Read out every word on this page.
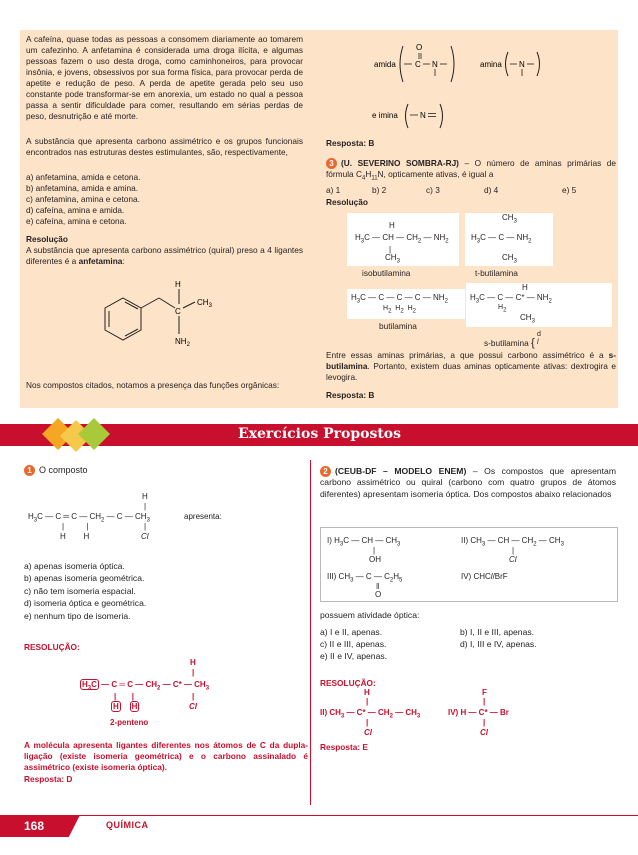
A cafeína, quase todas as pessoas a consomem diariamente ao tomarem um cafezinho. A anfetamina é considerada uma droga ilícita, e algumas pessoas fazem o uso desta droga, como caminhoneiros, para provocar insônia, e jovens, obsessivos por sua forma física, para provocar perda de apetite e redução de peso. A perda de apetite gerada pelo seu uso constante pode transformar-se em anorexia, um estado no qual a pessoa passa a sentir dificuldade para comer, resultando em sérias perdas de peso, desnutrição e até morte.
A substância que apresenta carbono assimétrico e os grupos funcionais encontrados nas estruturas destes estimulantes, são, respectivamente,
a) anfetamina, amida e cetona.
b) anfetamina, amida e amina.
c) anfetamina, amina e cetona.
d) cafeína, amina e amida.
e) cafeína, amina e cetona.
Resolução
A substância que apresenta carbono assimétrico (quiral) preso a 4 ligantes diferentes é a anfetamina:
H
C
$CH_3$
$NH_2$
Nos compostos citados, notamos a presença das funções orgânicas:
amida
O
C N	amina N
e imina	N
Resposta: B
3 (U. SEVERINO SOMBRA-RJ) – O número de aminas primárias de fórmula $C_4H_{11}N$, opticamente ativas, é igual a
a) 1	b) 2	c) 3	d) 4	e) 5
Resolução
H
$H_3C$ — CH — $CH_2$ — $NH_2$
|
$CH_3$
isobutilamina
$CH_3$
$H_3C$ — C — $NH_2$
$CH_3$
t-butilamina
$H_3C$ — C — C — C — $NH_2$
$H_2$  $H_2$  $H_2$
butilamina
H
$H_3C$ — C — C* — $NH_2$
$H_2$
$CH_3$
s-butilamina {
d
l
Entre essas aminas primárias, a que possui carbono assimétrico é a s-butilamina. Portanto, existem duas aminas opticamente ativas: dextrogira e levogira.
Resposta: B
Exercícios Propostos
1 O composto
H
|
$H_3C$ — C ═ C — $CH_2$ — C — $CH_3$	apresenta:
|          |	|
H        H	Cl
a) apenas isomeria óptica.
b) apenas isomeria geométrica.
c) não tem isomeria espacial.
d) isomeria óptica e geométrica.
e) nenhum tipo de isomeria.
RESOLUÇÃO:
H
|
$H_3C$ — C ═ C — $CH_2$ — C* — $CH_3$
|       |	|
H H	Cl
2-penteno
A molécula apresenta ligantes diferentes nos átomos de C da dupla-ligação (existe isomeria geométrica) e o carbono assinalado é assimétrico (existe isomeria óptica).
Resposta: D
2 (CEUB-DF – MODELO ENEM) – Os compostos que apresentam carbono assimétrico ou quiral (carbono com quatro grupos de átomos diferentes) apresentam isomeria óptica. Dos compostos abaixo relacionados
I) $H_3C$ — CH — $CH_3$
|
OH
II) $CH_3$ — CH — $CH_2$ — $CH_3$
|
Cl
III) $CH_3$ — C — $C_2H_5$
‖
O
IV) CHCl/BrF
possuem atividade óptica:
a) I e II, apenas.	b) I, II e III, apenas.
c) II e III, apenas.	d) I, III e IV, apenas.
e) II e IV, apenas.
RESOLUÇÃO:
H
|
II) $CH_3$ — C* — $CH_2$ — $CH_3$
|
Cl
F
|
IV) H — C* — Br
|
Cl
Resposta: E
168	QUÍMICA
